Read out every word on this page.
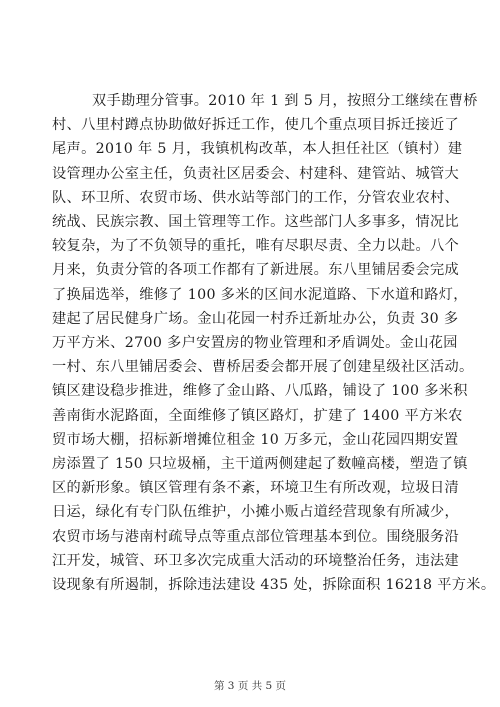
双手勘理分管事。2010 年 1 到 5 月，按照分工继续在曹桥
村、八里村蹲点协助做好拆迁工作，使几个重点项目拆迁接近了
尾声。2010 年 5 月，我镇机构改革，本人担任社区（镇村）建
设管理办公室主任，负责社区居委会、村建科、建管站、城管大
队、环卫所、农贸市场、供水站等部门的工作，分管农业农村、
统战、民族宗教、国土管理等工作。这些部门人多事多，情况比
较复杂，为了不负领导的重托，唯有尽职尽责、全力以赴。八个
月来，负责分管的各项工作都有了新进展。东八里铺居委会完成
了换届选举，维修了 100 多米的区间水泥道路、下水道和路灯，
建起了居民健身广场。金山花园一村乔迁新址办公，负责 30 多
万平方米、2700 多户安置房的物业管理和矛盾调处。金山花园
一村、东八里铺居委会、曹桥居委会都开展了创建星级社区活动。
镇区建设稳步推进，维修了金山路、八瓜路，铺设了 100 多米积
善南街水泥路面，全面维修了镇区路灯，扩建了 1400 平方米农
贸市场大棚，招标新增摊位租金 10 万多元，金山花园四期安置
房添置了 150 只垃圾桶，主干道两侧建起了数幢高楼，塑造了镇
区的新形象。镇区管理有条不紊，环境卫生有所改观，垃圾日清
日运，绿化有专门队伍维护，小摊小贩占道经营现象有所减少，
农贸市场与港南村疏导点等重点部位管理基本到位。围绕服务沿
江开发，城管、环卫多次完成重大活动的环境整治任务，违法建
设现象有所遏制，拆除违法建设 435 处，拆除面积 16218 平方米。

第 3 页 共 5 页
